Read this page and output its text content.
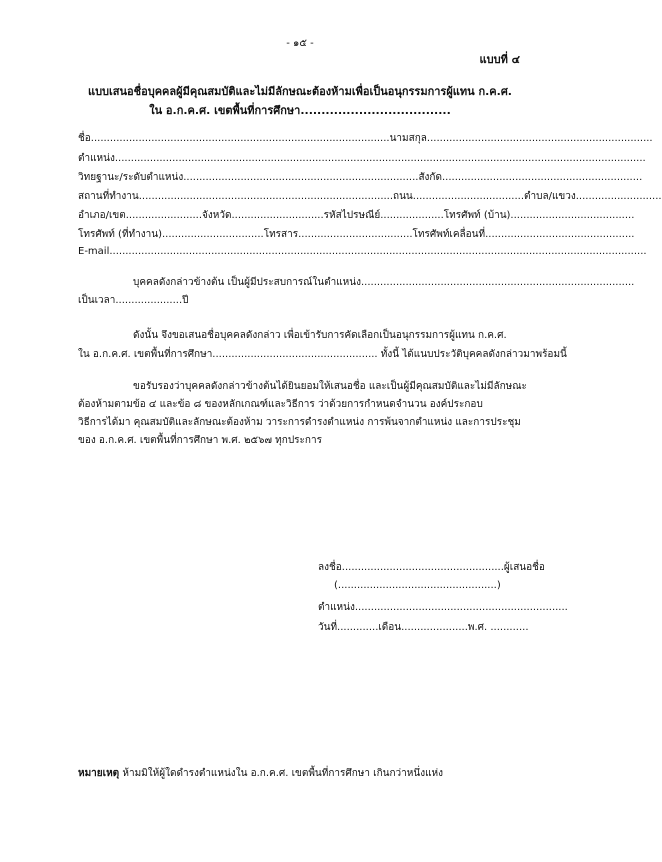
- ๑๕ -
แบบที่ ๔
แบบเสนอชื่อบุคคลผู้มีคุณสมบัติและไม่มีลักษณะต้องห้ามเพื่อเป็นอนุกรรมการผู้แทน ก.ค.ศ.
ใน อ.ก.ค.ศ. เขตพื้นที่การศึกษา....................................
ชื่อ..............................................................................................นามสกุล.......................................................................
ตำแหน่ง.......................................................................................................................................................................
วิทยฐานะ/ระดับตำแหน่ง..........................................................................สังกัด...............................................................
สถานที่ทำงาน................................................................................ถนน...................................ตำบล/แขวง...........................
อำเภอ/เขต........................จังหวัด.............................รหัสไปรษณีย์....................โทรศัพท์ (บ้าน).......................................
โทรศัพท์ (ที่ทำงาน)................................โทรสาร....................................โทรศัพท์เคลื่อนที่...............................................
E-mail.........................................................................................................................................................................
บุคคลดังกล่าวข้างต้น เป็นผู้มีประสบการณ์ในตำแหน่ง......................................................................................
เป็นเวลา.....................ปี
ดังนั้น จึงขอเสนอชื่อบุคคลดังกล่าว เพื่อเข้ารับการคัดเลือกเป็นอนุกรรมการผู้แทน ก.ค.ศ.
ใน อ.ก.ค.ศ. เขตพื้นที่การศึกษา.................................................... ทั้งนี้ ได้แนบประวัติบุคคลดังกล่าวมาพร้อมนี้
ขอรับรองว่าบุคคลดังกล่าวข้างต้นได้ยินยอมให้เสนอชื่อ และเป็นผู้มีคุณสมบัติและไม่มีลักษณะ
ต้องห้ามตามข้อ ๔ และข้อ ๘ ของหลักเกณฑ์และวิธีการ ว่าด้วยการกำหนดจำนวน องค์ประกอบ
วิธีการได้มา คุณสมบัติและลักษณะต้องห้าม วาระการดำรงตำแหน่ง การพ้นจากตำแหน่ง และการประชุม
ของ อ.ก.ค.ศ. เขตพื้นที่การศึกษา พ.ศ. ๒๕๖๗ ทุกประการ
ลงชื่อ...................................................ผู้เสนอชื่อ
(..................................................)
ตำแหน่ง...................................................................
วันที่.............เดือน.....................พ.ศ. ............
หมายเหตุ ห้ามมิให้ผู้ใดดำรงตำแหน่งใน อ.ก.ค.ศ. เขตพื้นที่การศึกษา เกินกว่าหนึ่งแห่ง
